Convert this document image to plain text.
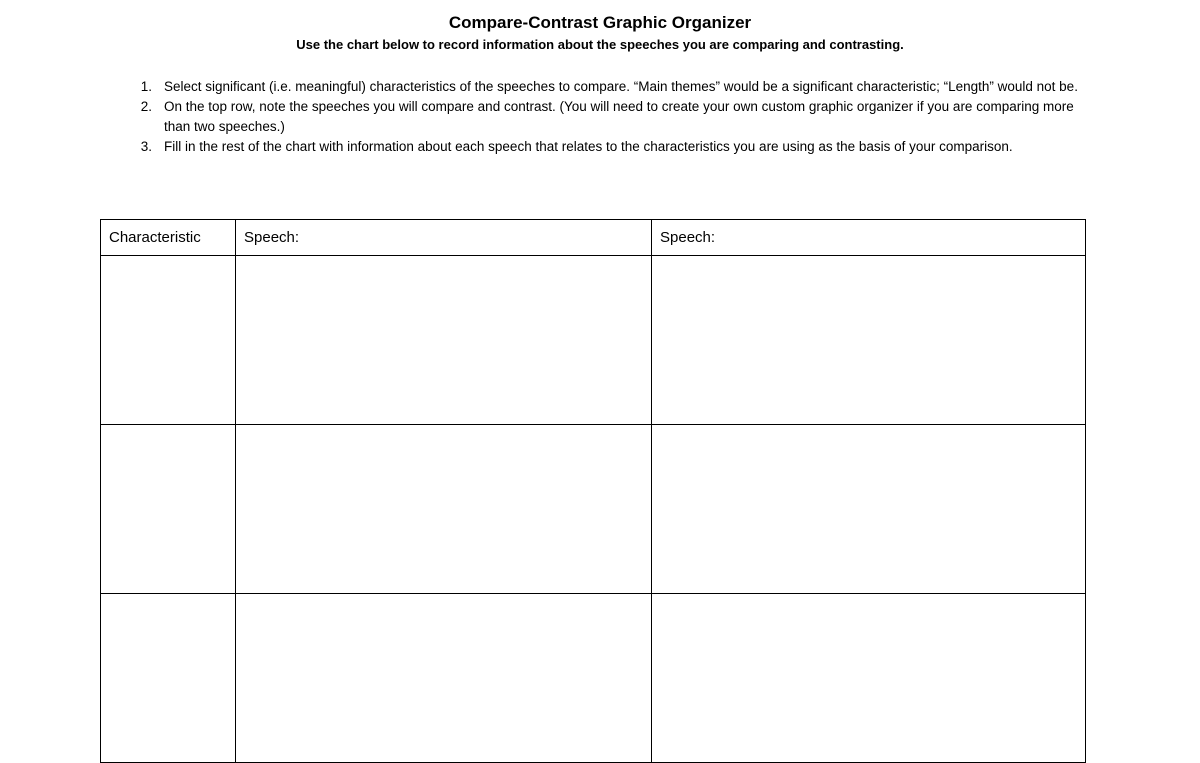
Compare-Contrast Graphic Organizer
Use the chart below to record information about the speeches you are comparing and contrasting.
1. Select significant (i.e. meaningful) characteristics of the speeches to compare. “Main themes” would be a significant characteristic; “Length” would not be.
2. On the top row, note the speeches you will compare and contrast. (You will need to create your own custom graphic organizer if you are comparing more than two speeches.)
3. Fill in the rest of the chart with information about each speech that relates to the characteristics you are using as the basis of your comparison.
Characteristic	Speech:	Speech:
